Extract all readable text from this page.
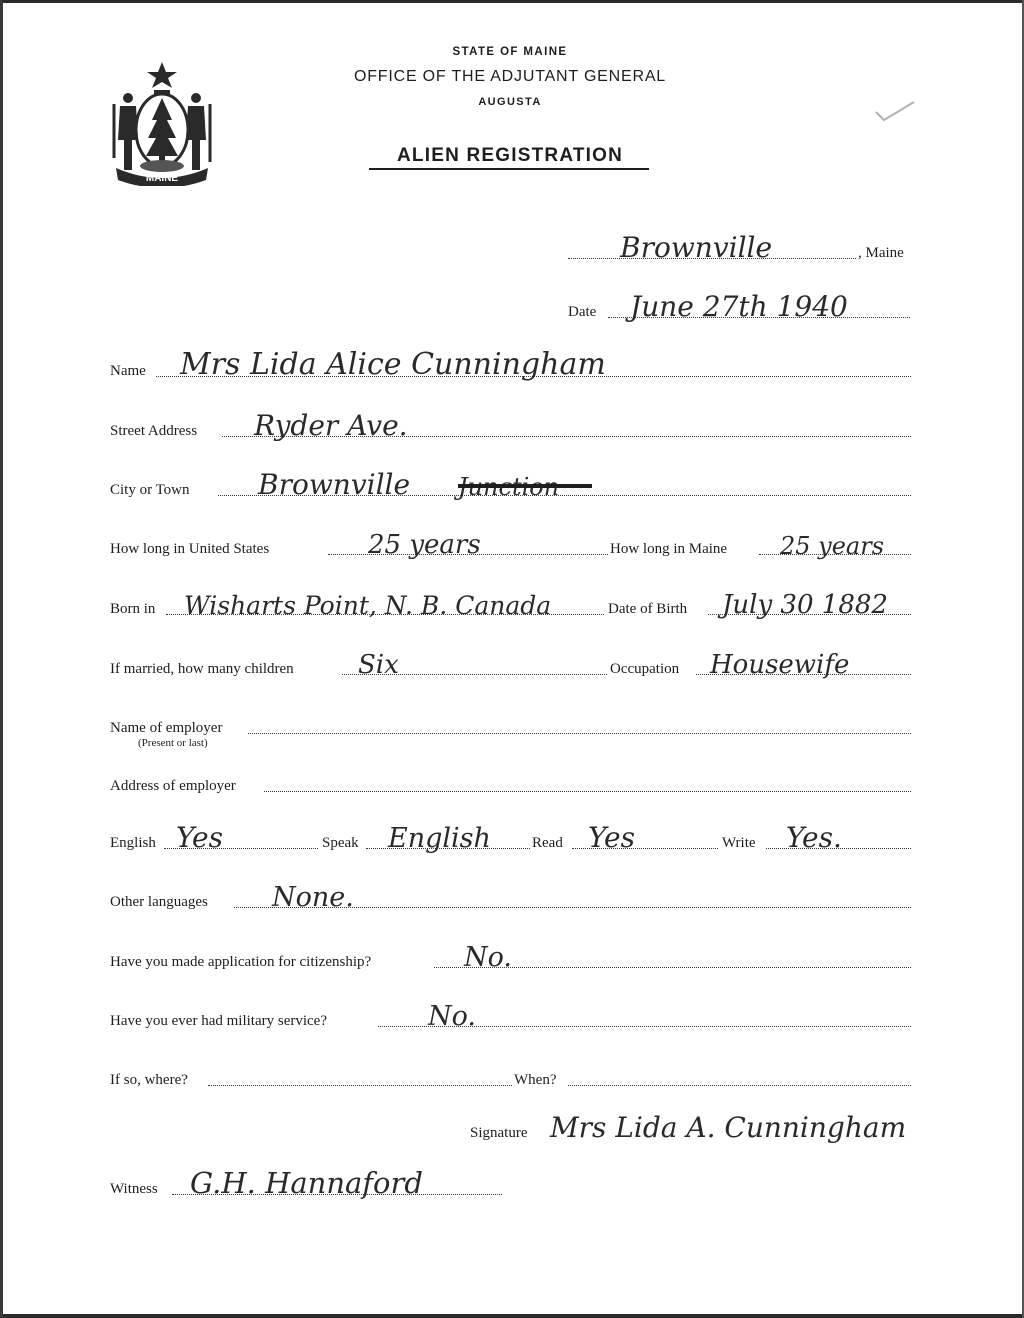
MAINE
STATE OF MAINE
OFFICE OF THE ADJUTANT GENERAL
AUGUSTA
ALIEN REGISTRATION
Brownville	, Maine
Date June 27th 1940
Name Mrs Lida Alice Cunningham
Street Address Ryder Ave.
City or Town Brownville
How long in United States	25 years	How long in Maine 25 years
Born in Wisharts Point, N. B. Canada	Date of Birth July 30 1882
If married, how many children Six	Occupation Housewife
Name of employer
(Present or last)
Address of employer
English Yes	Speak English	Read Yes	Write Yes.
Other languages None.
Have you made application for citizenship?	No.
Have you ever had military service?	No.
If so, where?	When?
Signature Mrs Lida A. Cunningham
Witness G.H. Hannaford
